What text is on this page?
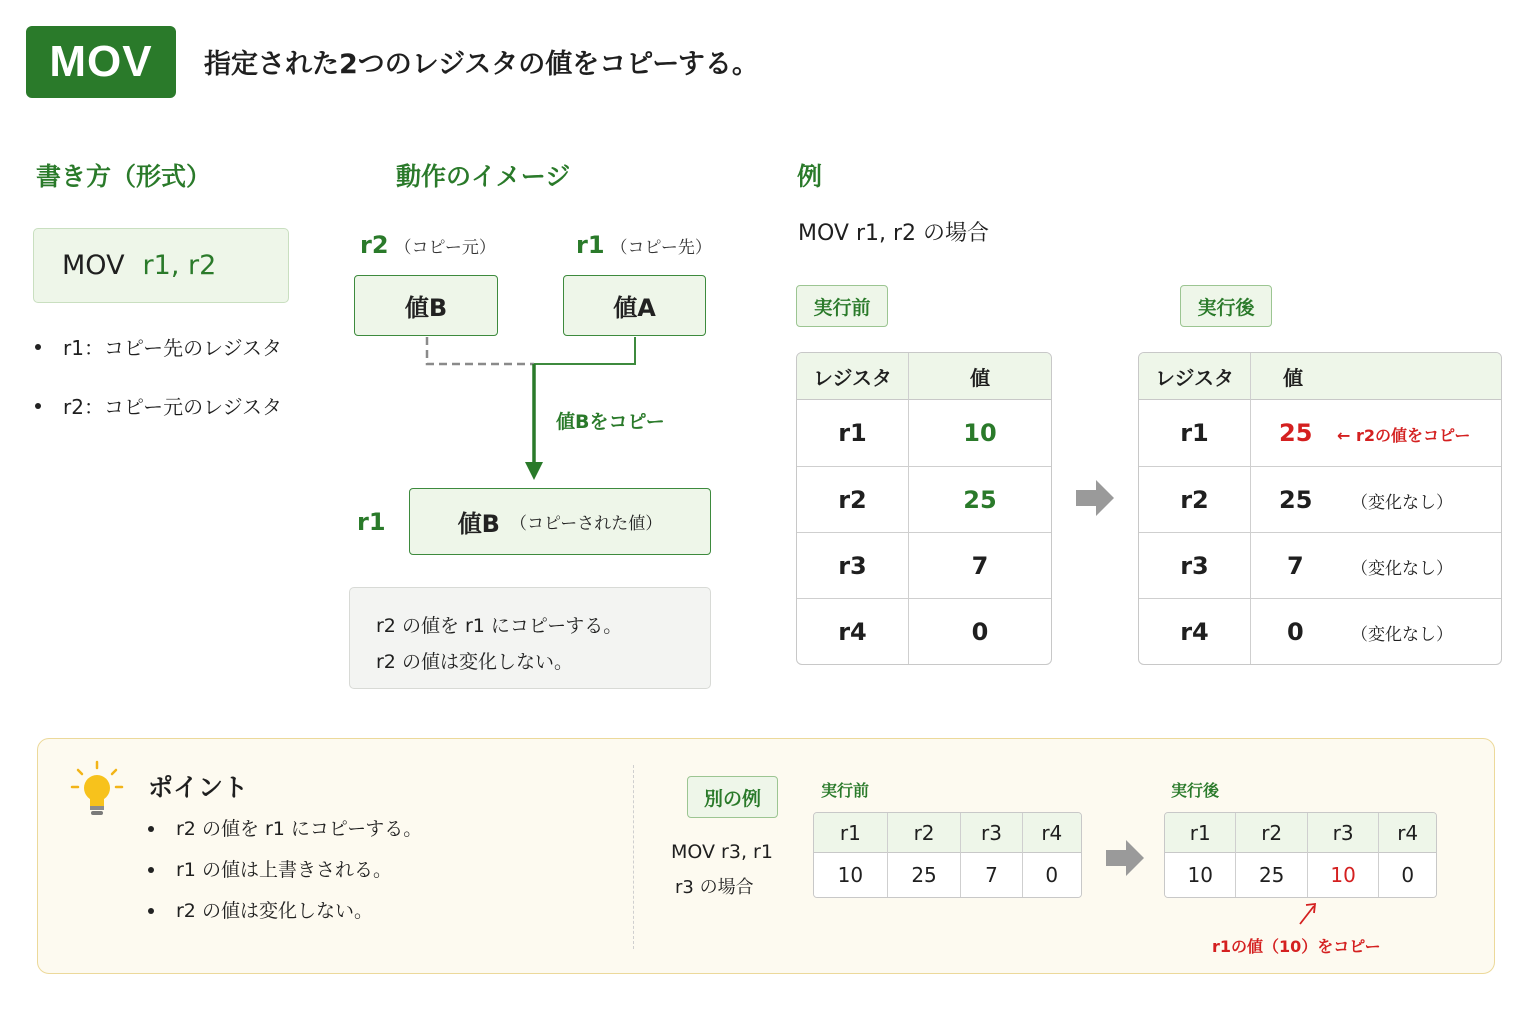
MOV	指定された2つのレジスタの値をコピーする。
書き方（形式）
MOV r1, r2
r1：コピー先のレジスタ
r2：コピー元のレジスタ
動作のイメージ
r2 （コピー元）	r1 （コピー先）
値B	値A
値Bをコピー
r1	値B （コピーされた値）
r2 の値を r1 にコピーする。
r2 の値は変化しない。
例
MOV r1, r2 の場合
実行前	実行後
レジスタ	値
r1	10
r2	25
r3	7
r4	0
レジスタ	値
r1	25 ← r2の値をコピー
r2	25 （変化なし）
r3	7 （変化なし）
r4	0 （変化なし）
ポイント
r2 の値を r1 にコピーする。
r1 の値は上書きされる。
r2 の値は変化しない。
別の例
MOV r3, r1
r3 の場合
実行前	実行後
r1	r2	r3	r4
10	25	7	0
r1	r2	r3	r4
10	25	10	0
r1の値（10）をコピー
